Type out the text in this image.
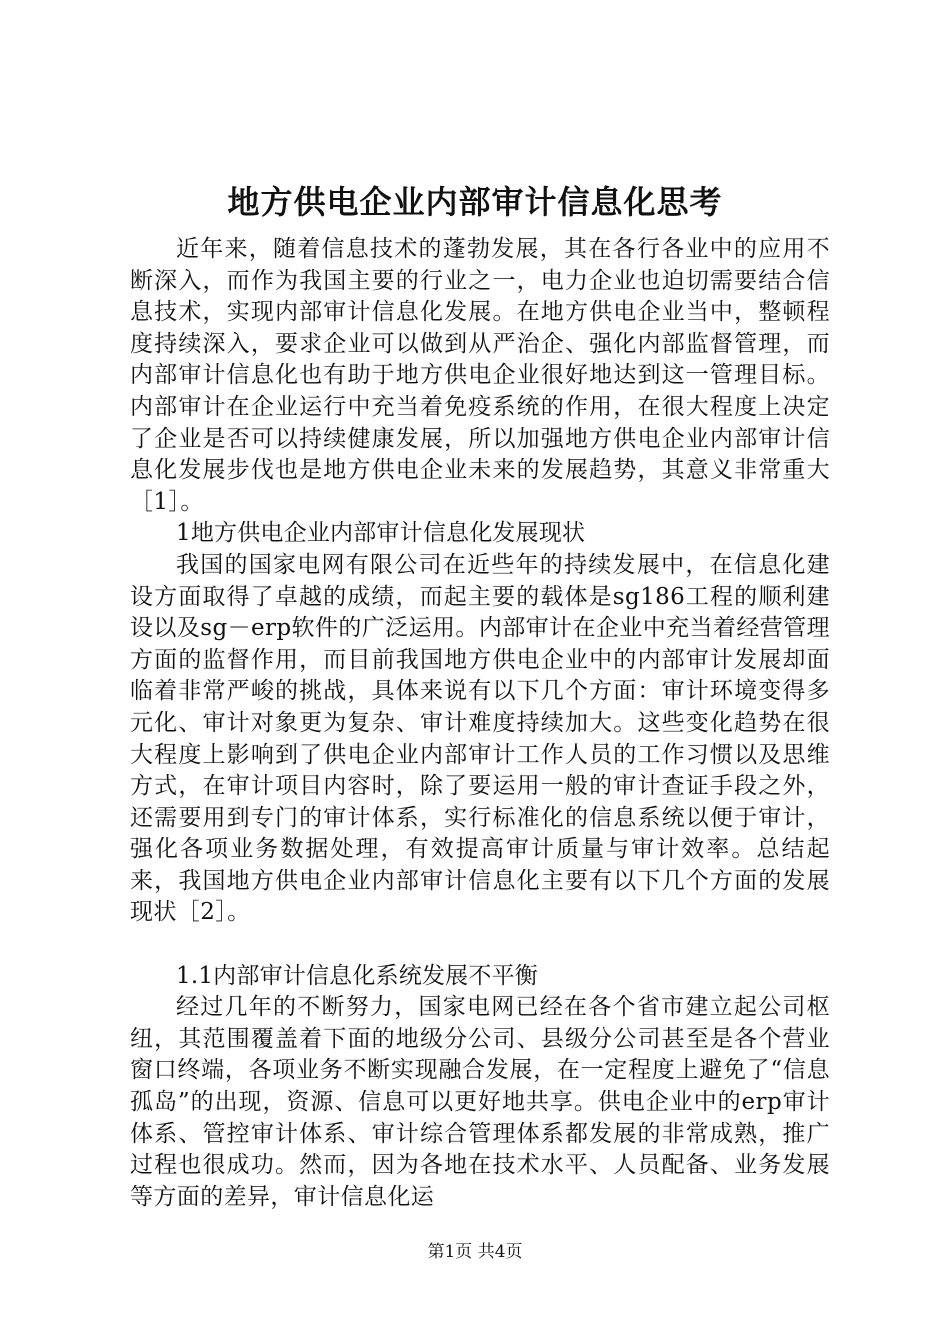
地方供电企业内部审计信息化思考

近年来，随着信息技术的蓬勃发展，其在各行各业中的应用不断深入，而作为我国主要的行业之一，电力企业也迫切需要结合信息技术，实现内部审计信息化发展。在地方供电企业当中，整顿程度持续深入，要求企业可以做到从严治企、强化内部监督管理，而内部审计信息化也有助于地方供电企业很好地达到这一管理目标。内部审计在企业运行中充当着免疫系统的作用，在很大程度上决定了企业是否可以持续健康发展，所以加强地方供电企业内部审计信息化发展步伐也是地方供电企业未来的发展趋势，其意义非常重大［1］。

1地方供电企业内部审计信息化发展现状

我国的国家电网有限公司在近些年的持续发展中，在信息化建设方面取得了卓越的成绩，而起主要的载体是sg186工程的顺利建设以及sg－erp软件的广泛运用。内部审计在企业中充当着经营管理方面的监督作用，而目前我国地方供电企业中的内部审计发展却面临着非常严峻的挑战，具体来说有以下几个方面：审计环境变得多元化、审计对象更为复杂、审计难度持续加大。这些变化趋势在很大程度上影响到了供电企业内部审计工作人员的工作习惯以及思维方式，在审计项目内容时，除了要运用一般的审计查证手段之外，还需要用到专门的审计体系，实行标准化的信息系统以便于审计，强化各项业务数据处理，有效提高审计质量与审计效率。总结起来，我国地方供电企业内部审计信息化主要有以下几个方面的发展现状［2］。

1.1内部审计信息化系统发展不平衡

经过几年的不断努力，国家电网已经在各个省市建立起公司枢纽，其范围覆盖着下面的地级分公司、县级分公司甚至是各个营业窗口终端，各项业务不断实现融合发展，在一定程度上避免了“信息孤岛”的出现，资源、信息可以更好地共享。供电企业中的erp审计体系、管控审计体系、审计综合管理体系都发展的非常成熟，推广过程也很成功。然而，因为各地在技术水平、人员配备、业务发展等方面的差异，审计信息化运

第1页 共4页
